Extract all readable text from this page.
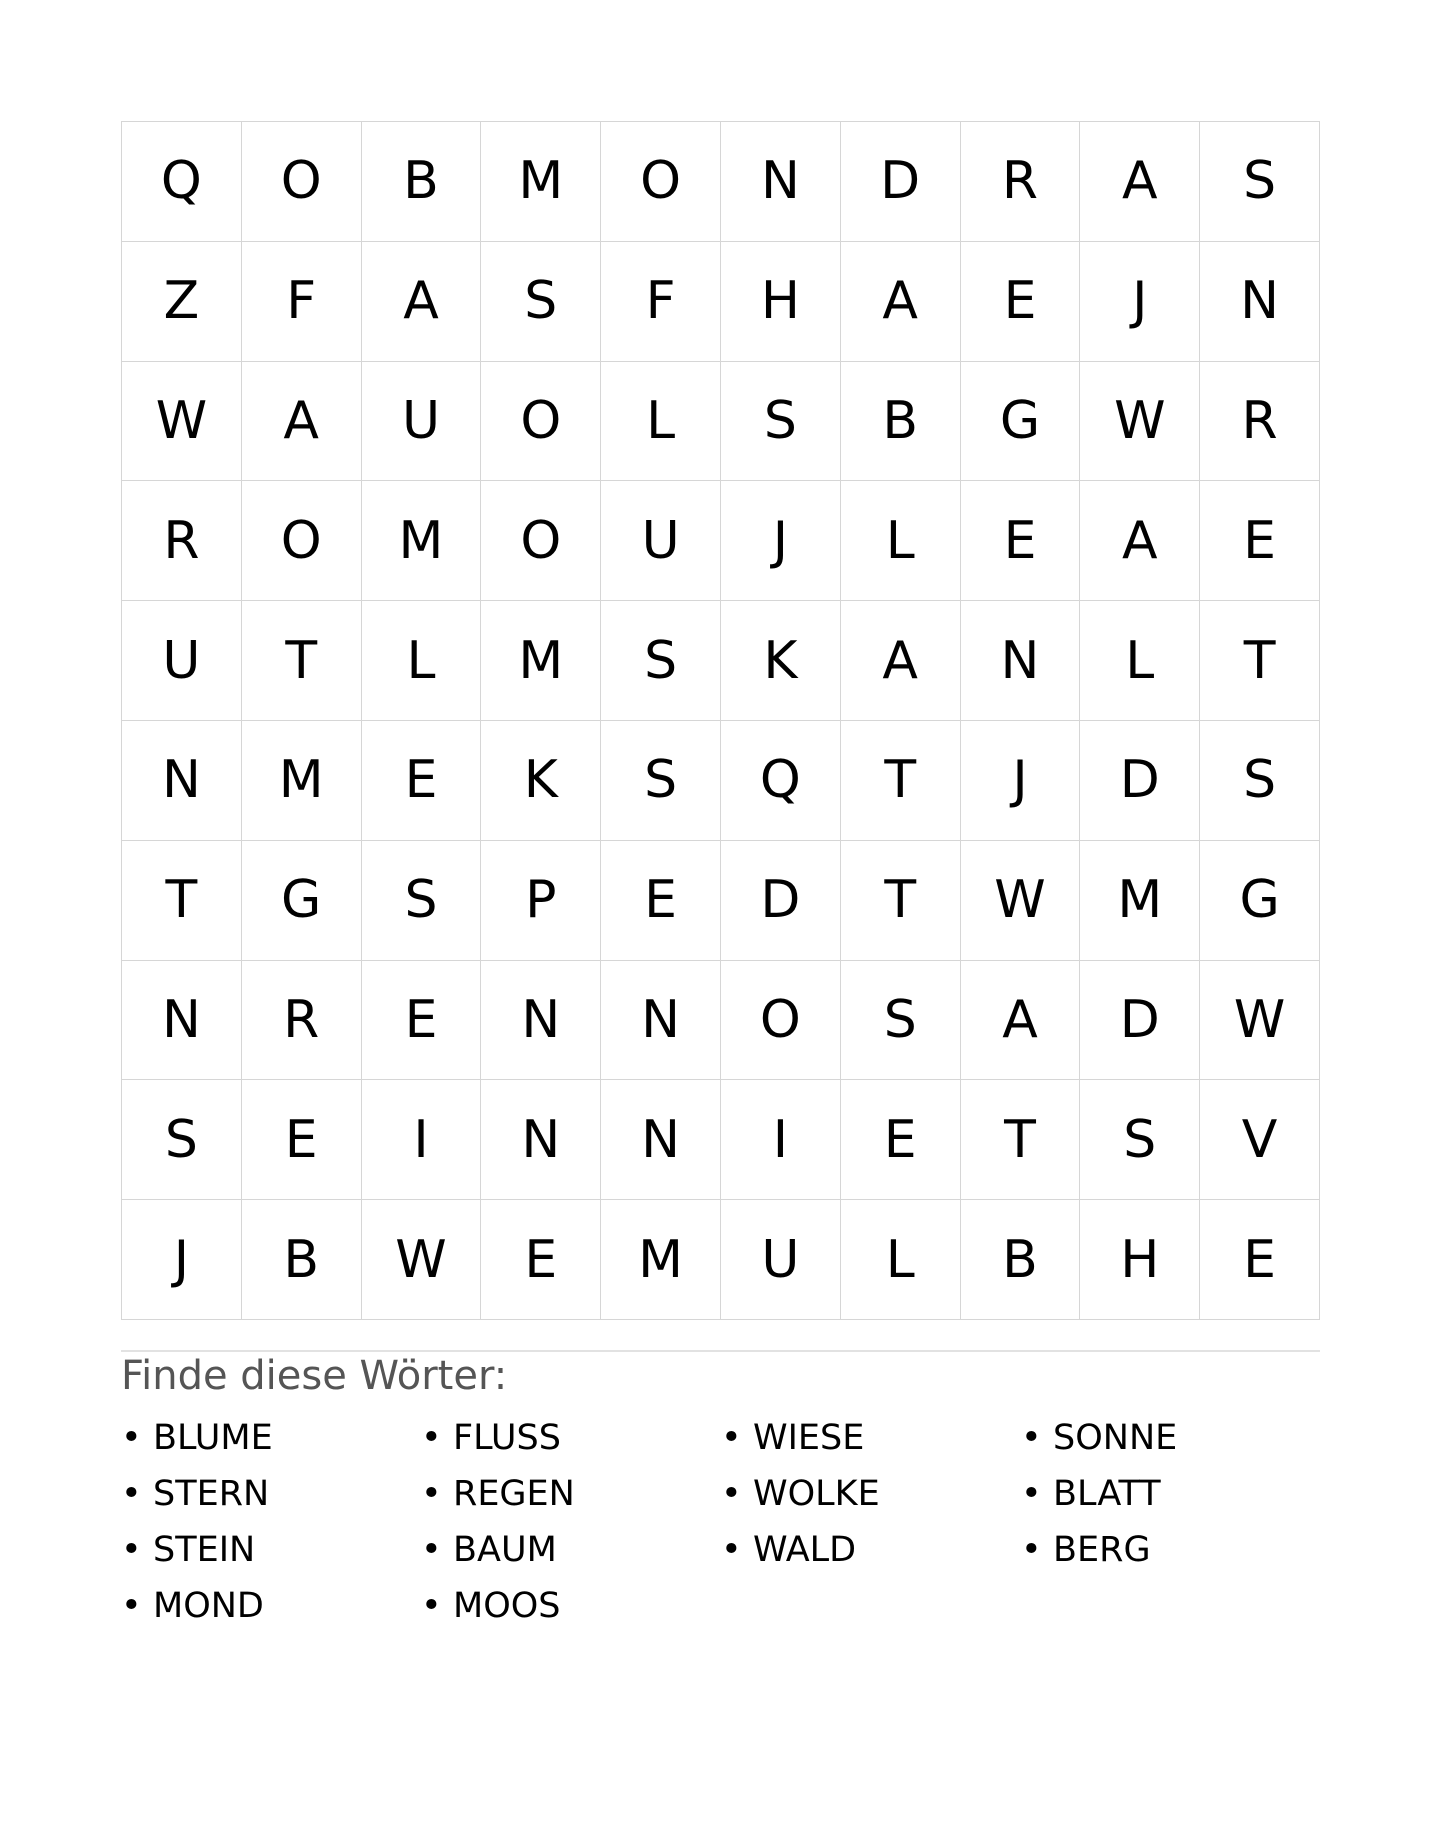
Q	O	B	M	O	N	D	R	A	S
Z	F	A	S	F	H	A	E	J	N
W	A	U	O	L	S	B	G	W	R
R	O	M	O	U	J	L	E	A	E
U	T	L	M	S	K	A	N	L	T
N	M	E	K	S	Q	T	J	D	S
T	G	S	P	E	D	T	W	M	G
N	R	E	N	N	O	S	A	D	W
S	E	I	N	N	I	E	T	S	V
J	B	W	E	M	U	L	B	H	E
Finde diese Wörter:
• BLUME	• FLUSS	• WIESE	• SONNE
• STERN	• REGEN	• WOLKE	• BLATT
• STEIN	• BAUM	• WALD	• BERG
• MOND	• MOOS
